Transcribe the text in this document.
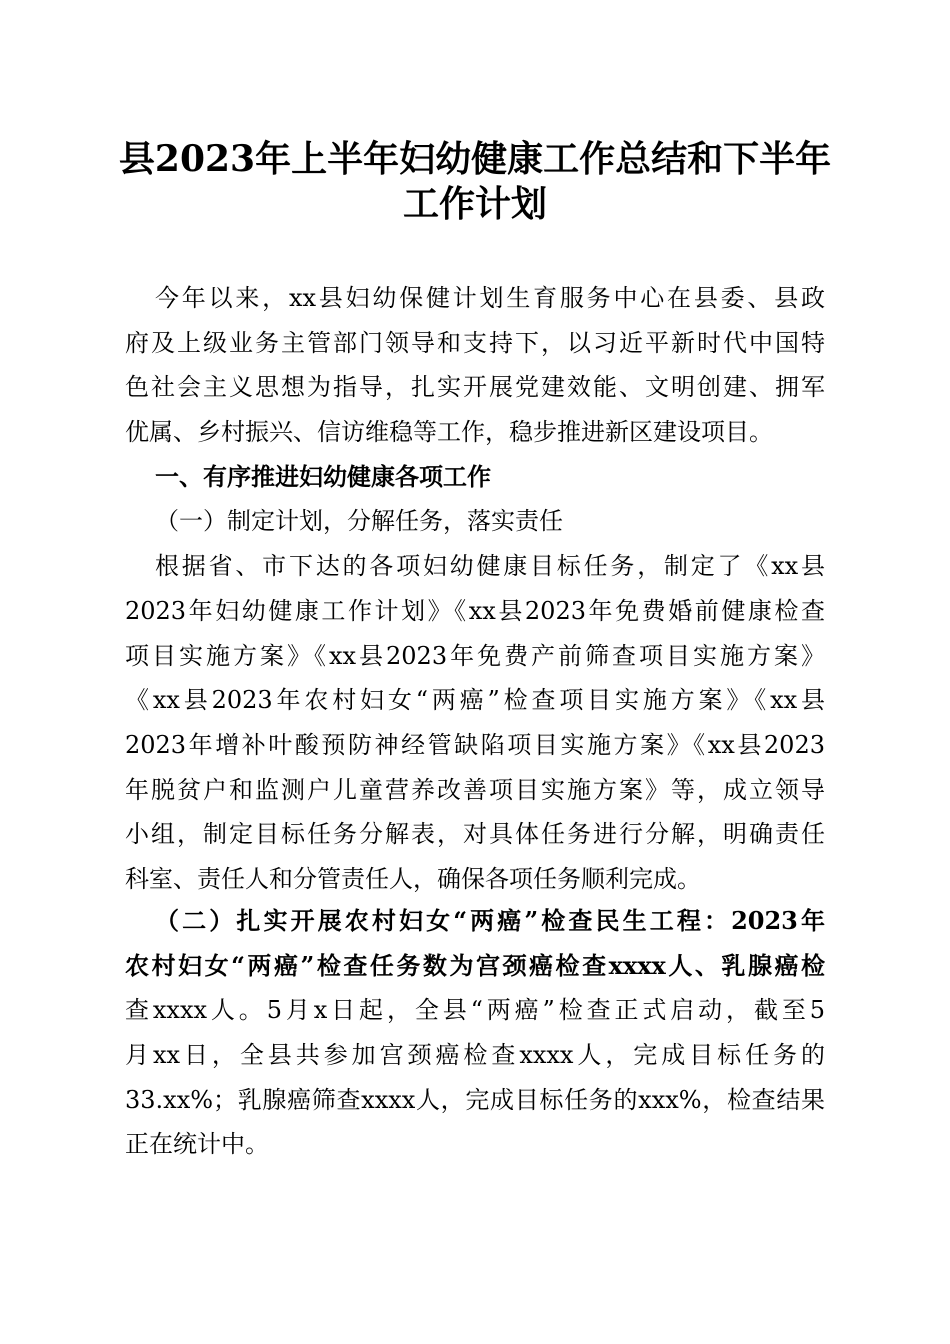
县2023年上半年妇幼健康工作总结和下半年
工作计划
今年以来，xx县妇幼保健计划生育服务中心在县委、县政
府及上级业务主管部门领导和支持下，以习近平新时代中国特
色社会主义思想为指导，扎实开展党建效能、文明创建、拥军
优属、乡村振兴、信访维稳等工作，稳步推进新区建设项目。
一、有序推进妇幼健康各项工作
（一）制定计划，分解任务，落实责任
根据省、市下达的各项妇幼健康目标任务，制定了《xx县
2023年妇幼健康工作计划》《xx县2023年免费婚前健康检查
项目实施方案》《xx县2023年免费产前筛查项目实施方案》
《xx县2023年农村妇女“两癌”检查项目实施方案》《xx县
2023年增补叶酸预防神经管缺陷项目实施方案》《xx县2023
年脱贫户和监测户儿童营养改善项目实施方案》等，成立领导
小组，制定目标任务分解表，对具体任务进行分解，明确责任
科室、责任人和分管责任人，确保各项任务顺利完成。
（二）扎实开展农村妇女“两癌”检查民生工程：2023年
农村妇女“两癌”检查任务数为宫颈癌检查xxxx人、乳腺癌检
查xxxx人。5月x日起，全县“两癌”检查正式启动，截至5
月xx日，全县共参加宫颈癌检查xxxx人，完成目标任务的
33.xx%；乳腺癌筛查xxxx人，完成目标任务的xxx%，检查结果
正在统计中。
